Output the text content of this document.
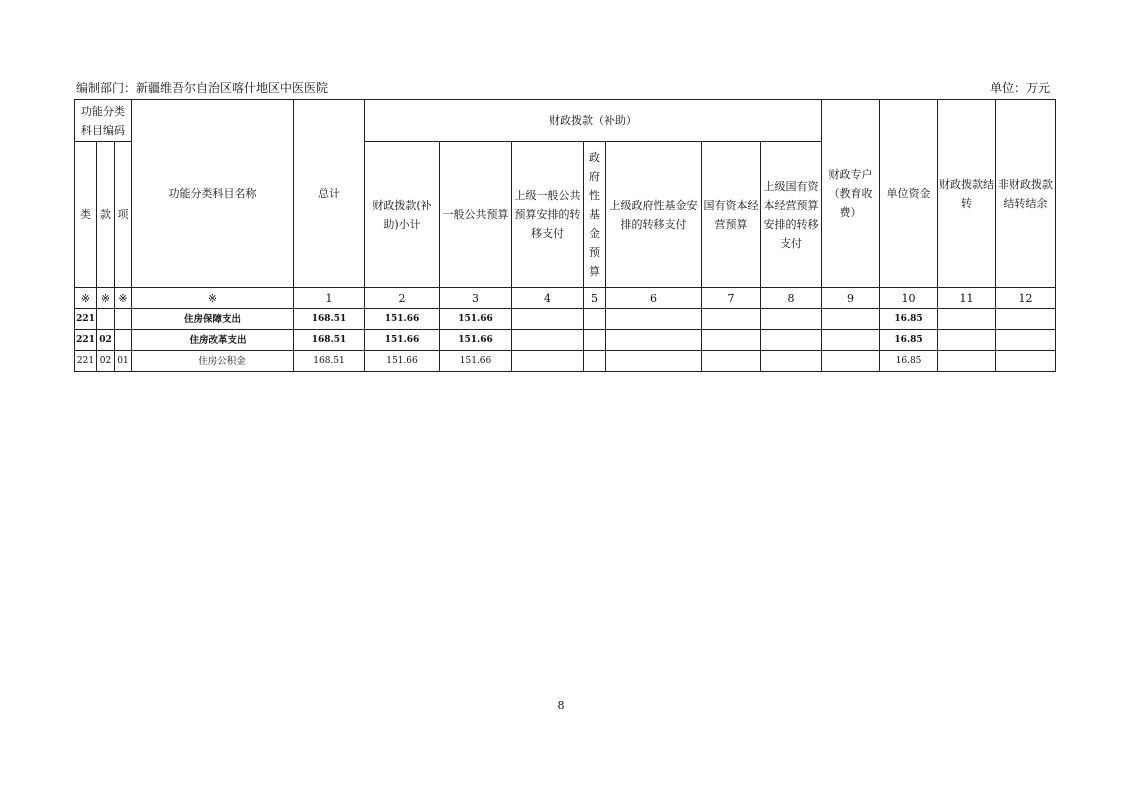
编制部门：新疆维吾尔自治区喀什地区中医医院	单位：万元
功能分类科目编码			功能分类科目名称	总计	财政拨款（补助）							财政专户（教育收费）	单位资金	财政拨款结转	非财政拨款结转结余
类	款	项			财政拨款(补助)小计	一般公共预算	上级一般公共预算安排的转移支付	政府性基金预算	上级政府性基金安排的转移支付	国有资本经营预算	上级国有资本经营预算安排的转移支付				
※	※	※	※	1	2	3	4	5	6	7	8	9	10	11	12
221			住房保障支出	168.51	151.66	151.66							16.85		
221	02		住房改革支出	168.51	151.66	151.66							16.85		
221	02	01	住房公积金	168.51	151.66	151.66							16.85		
8
